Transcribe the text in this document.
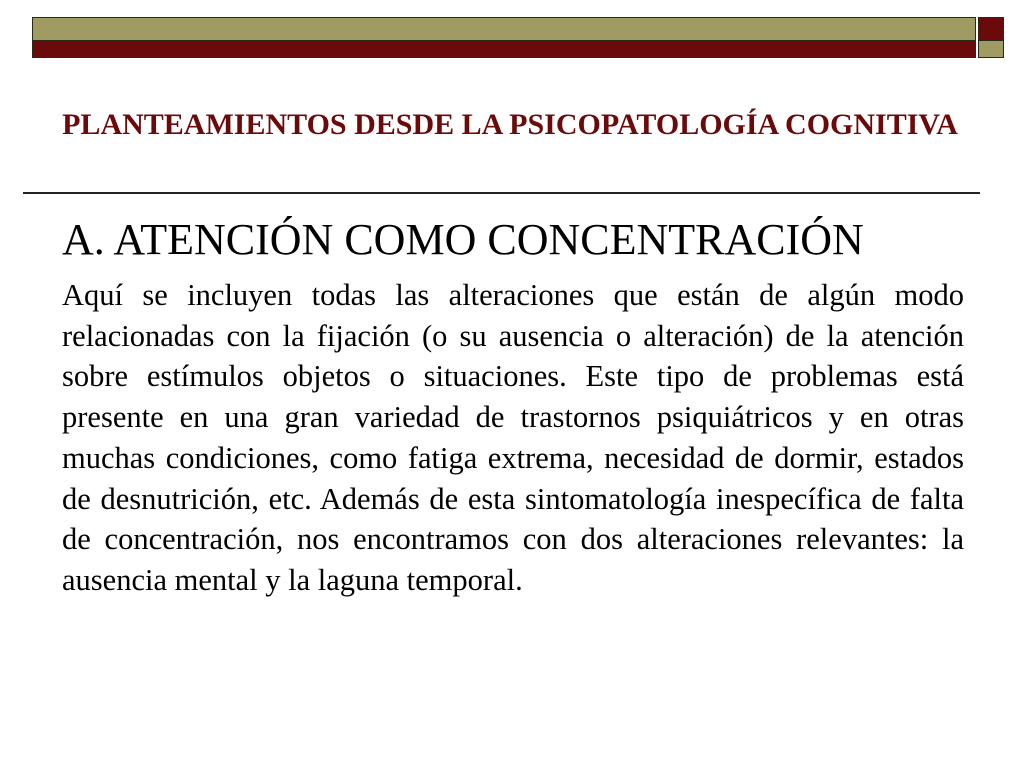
PLANTEAMIENTOS DESDE LA PSICOPATOLOGÍA COGNITIVA
A. ATENCIÓN COMO CONCENTRACIÓN

Aquí se incluyen todas las alteraciones que están de algún modo relacionadas con la fijación (o su ausencia o alteración) de la atención sobre estímulos objetos o situaciones. Este tipo de problemas está presente en una gran variedad de trastornos psiquiátricos y en otras muchas condiciones, como fatiga extrema, necesidad de dormir, estados de desnutrición, etc. Además de esta sintomatología inespecífica de falta de concentración, nos encontramos con dos alteraciones relevantes: la ausencia mental y la laguna temporal.
